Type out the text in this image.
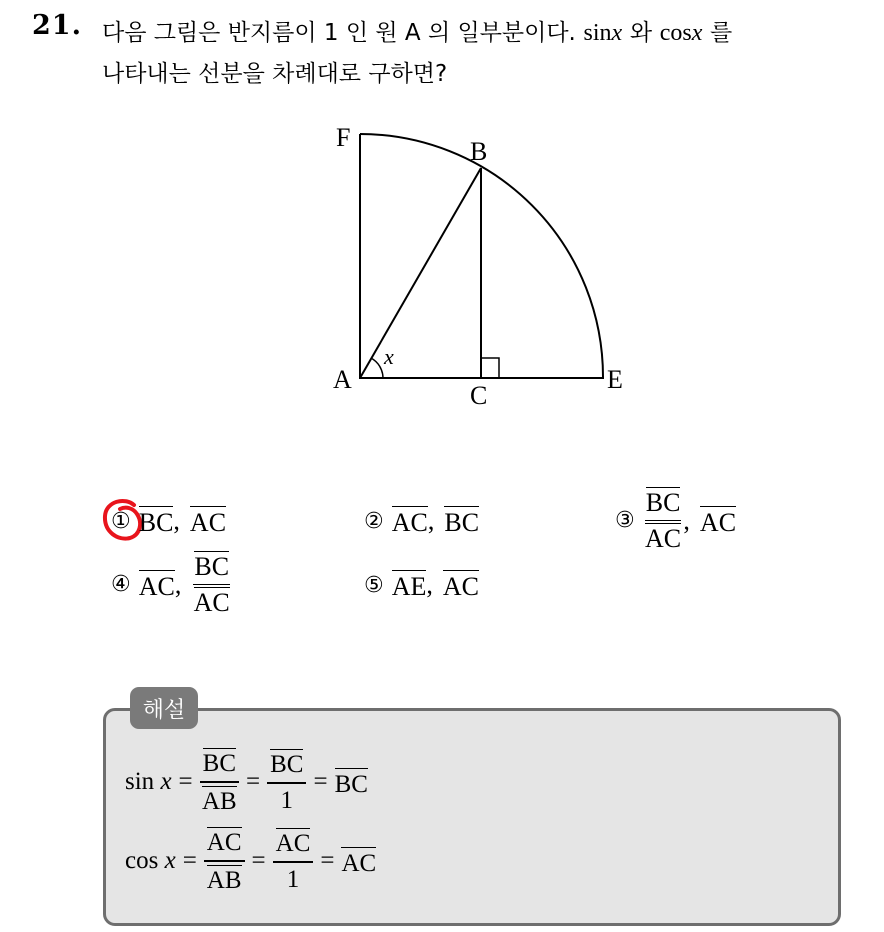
21. 다음 그림은 반지름이 1 인 원 A 의 일부분이다. sinx 와 cosx 를
나타내는 선분을 차례대로 구하면?
F	B
A
C
E
x
① BC , AC	② AC , BC	③ $\frac{BC}{AC}$ , AC
④ AC , $\frac{BC}{AC}$	⑤ AE , AC
해설
sin
x =
BC
AB
=
BC
1
= BC
cos
x =
AC
AB
=
AC
1
= AC
